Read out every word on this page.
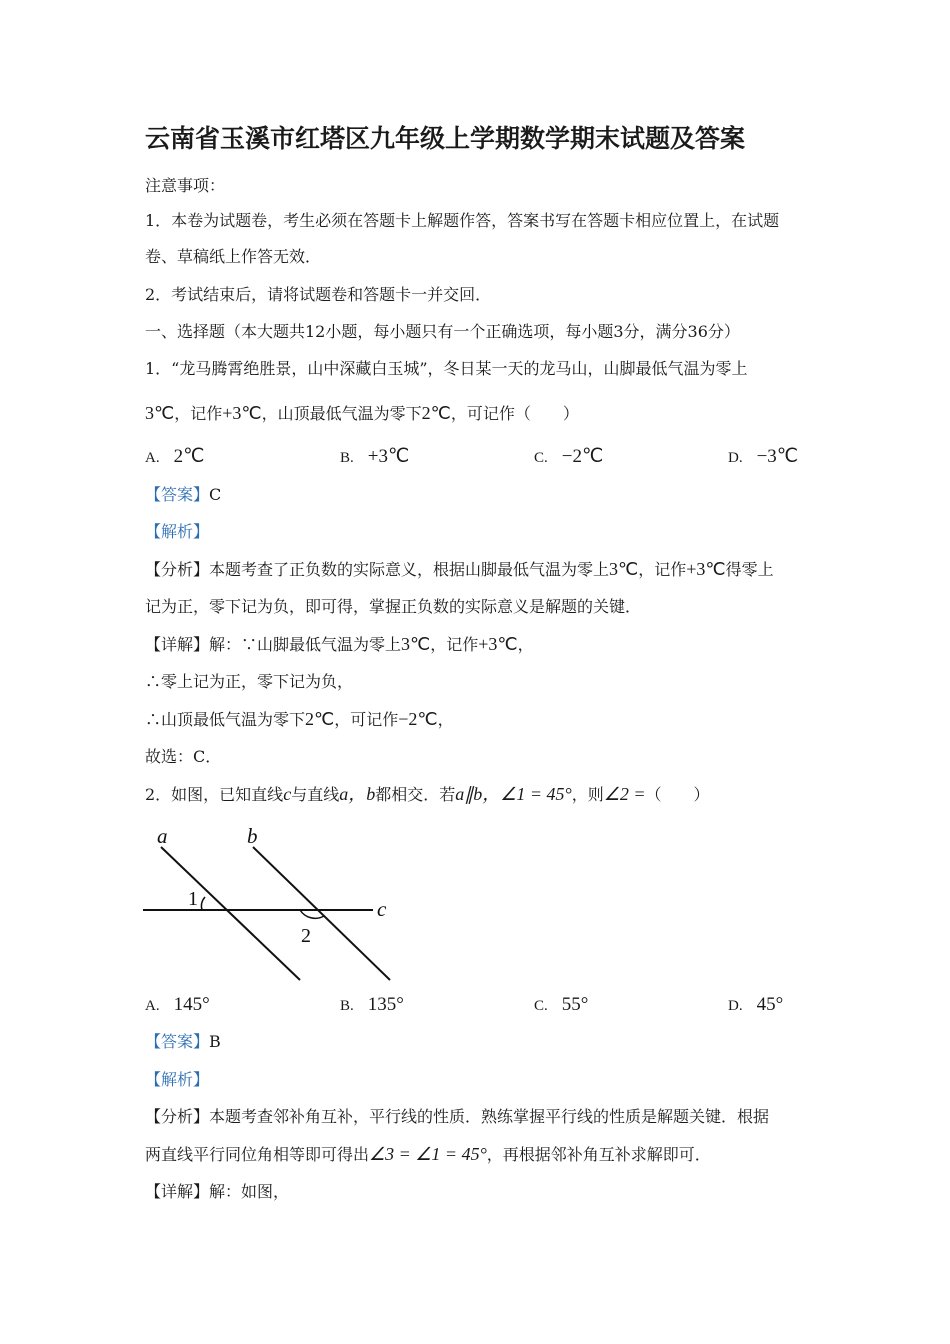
云南省玉溪市红塔区九年级上学期数学期末试题及答案
注意事项：
1．本卷为试题卷，考生必须在答题卡上解题作答，答案书写在答题卡相应位置上，在试题
卷、草稿纸上作答无效．
2．考试结束后，请将试题卷和答题卡一并交回．
一、选择题（本大题共12小题，每小题只有一个正确选项，每小题3分，满分36分）
1．“龙马腾霄绝胜景，山中深藏白玉城”，冬日某一天的龙马山，山脚最低气温为零上
3℃，记作+3℃，山顶最低气温为零下2℃，可记作（　　）
A. 2℃	B. +3℃	C. −2℃	D. −3℃
【答案】C
【解析】
【分析】本题考查了正负数的实际意义，根据山脚最低气温为零上3℃，记作+3℃得零上
记为正，零下记为负，即可得，掌握正负数的实际意义是解题的关键．
【详解】解：∵山脚最低气温为零上3℃，记作+3℃，
∴零上记为正，零下记为负，
∴山顶最低气温为零下2℃，可记作−2℃，
故选：C．
2．如图，已知直线c与直线a，b都相交．若a∥b，∠1 = 45°，则∠2 =（　　）
a	b
c
1
2
A. 145°	B. 135°	C. 55°	D. 45°
【答案】B
【解析】
【分析】本题考查邻补角互补，平行线的性质．熟练掌握平行线的性质是解题关键．根据
两直线平行同位角相等即可得出∠3 = ∠1 = 45°，再根据邻补角互补求解即可．
【详解】解：如图，
